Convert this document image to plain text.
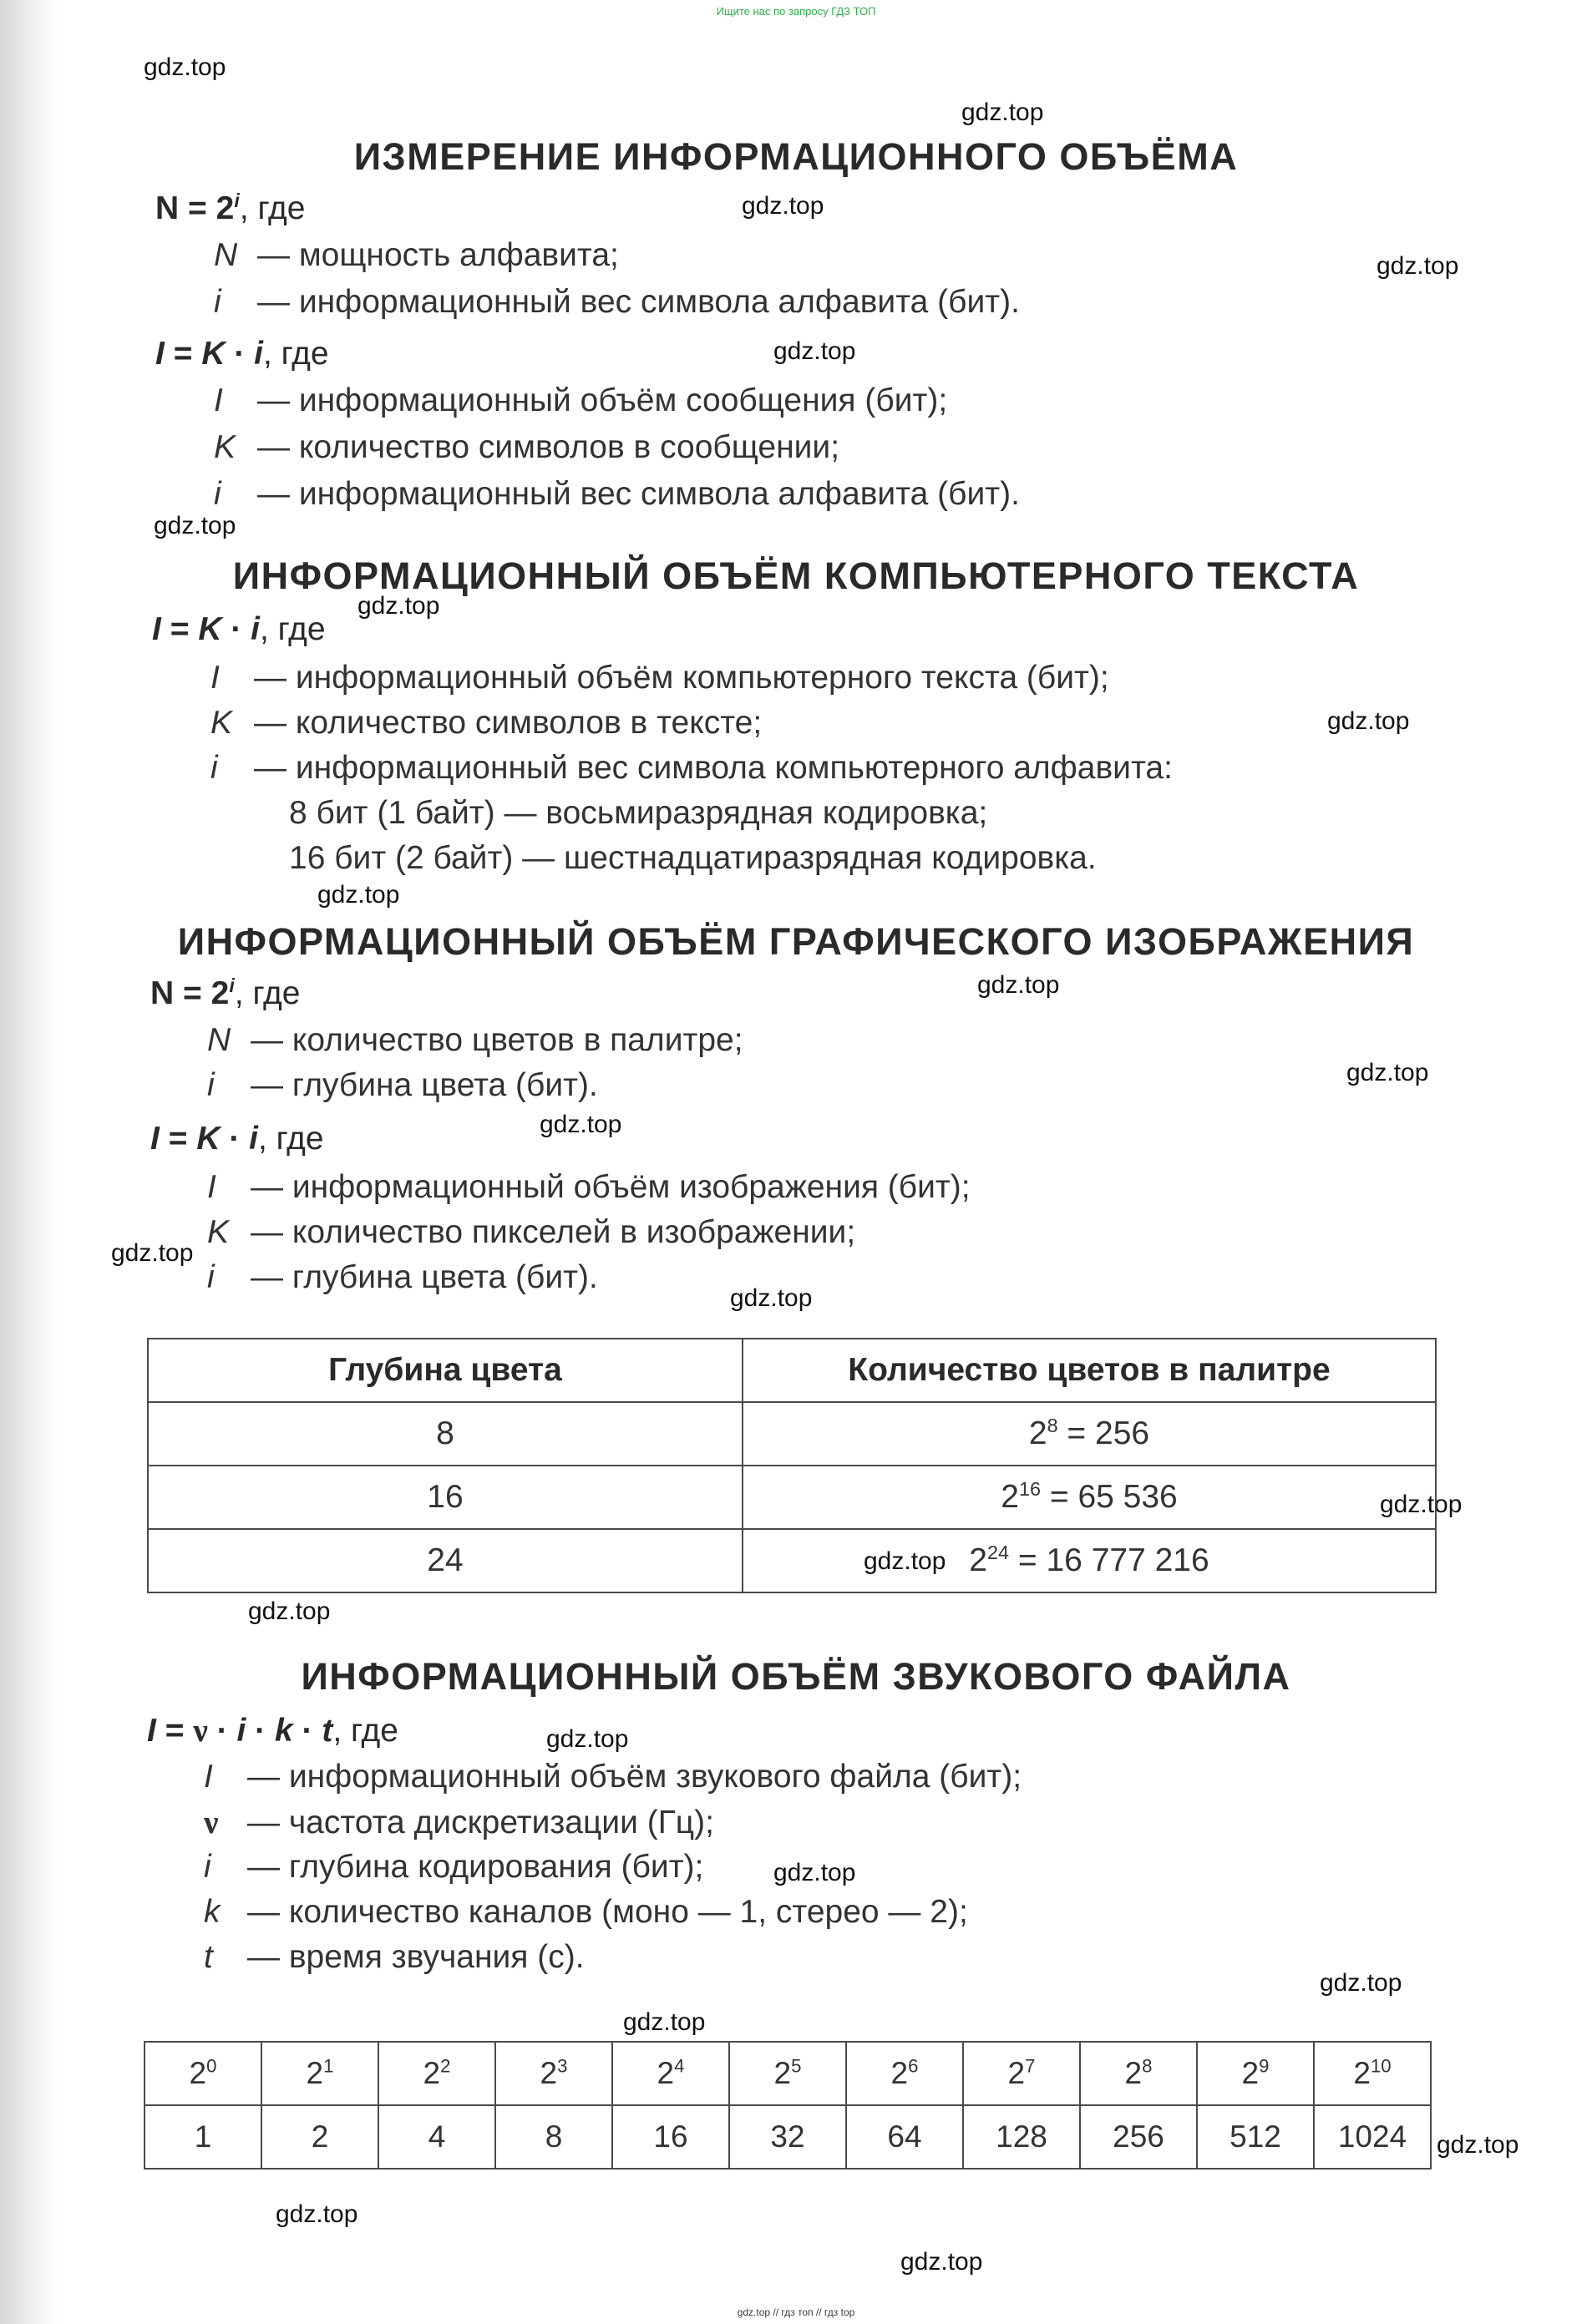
Ищите нас по запросу ГДЗ ТОП
gdz.top
gdz.top
gdz.top
gdz.top
gdz.top
gdz.top
gdz.top
gdz.top
gdz.top
gdz.top
gdz.top
gdz.top
gdz.top
gdz.top
gdz.top
gdz.top
gdz.top
gdz.top
gdz.top
gdz.top
gdz.top
gdz.top
gdz.top
gdz.top
ИЗМЕРЕНИЕ ИНФОРМАЦИОННОГО ОБЪЁМА
$N = 2^i$, где
N — мощность алфавита;
i — информационный вес символа алфавита (бит).
I = K · i, где
I — информационный объём сообщения (бит);
K — количество символов в сообщении;
i — информационный вес символа алфавита (бит).
ИНФОРМАЦИОННЫЙ ОБЪЁМ КОМПЬЮТЕРНОГО ТЕКСТА
I = K · i, где
I — информационный объём компьютерного текста (бит);
K — количество символов в тексте;
i — информационный вес символа компьютерного алфавита:
8 бит (1 байт) — восьмиразрядная кодировка;
16 бит (2 байт) — шестнадцатиразрядная кодировка.
ИНФОРМАЦИОННЫЙ ОБЪЁМ ГРАФИЧЕСКОГО ИЗОБРАЖЕНИЯ
$N = 2^i$, где
N — количество цветов в палитре;
i — глубина цвета (бит).
I = K · i, где
I — информационный объём изображения (бит);
K — количество пикселей в изображении;
i — глубина цвета (бит).
Глубина цвета	Количество цветов в палитре
8	$2^8 = 256$
16	$2^{16} = 65$ 536
24	$2^{24} = 16$ 777 216
ИНФОРМАЦИОННЫЙ ОБЪЁМ ЗВУКОВОГО ФАЙЛА
I = ν · i · k · t, где
I — информационный объём звукового файла (бит);
ν — частота дискретизации (Гц);
i — глубина кодирования (бит);
k — количество каналов (моно — 1, стерео — 2);
t — время звучания (с).
$2^0$	$2^1$	$2^2$	$2^3$	$2^4$	$2^5$	$2^6$	$2^7$	$2^8$	$2^9$	$2^{10}$
1	2	4	8	16	32	64	128	256	512	1024
gdz.top // гдз топ // гдз top
